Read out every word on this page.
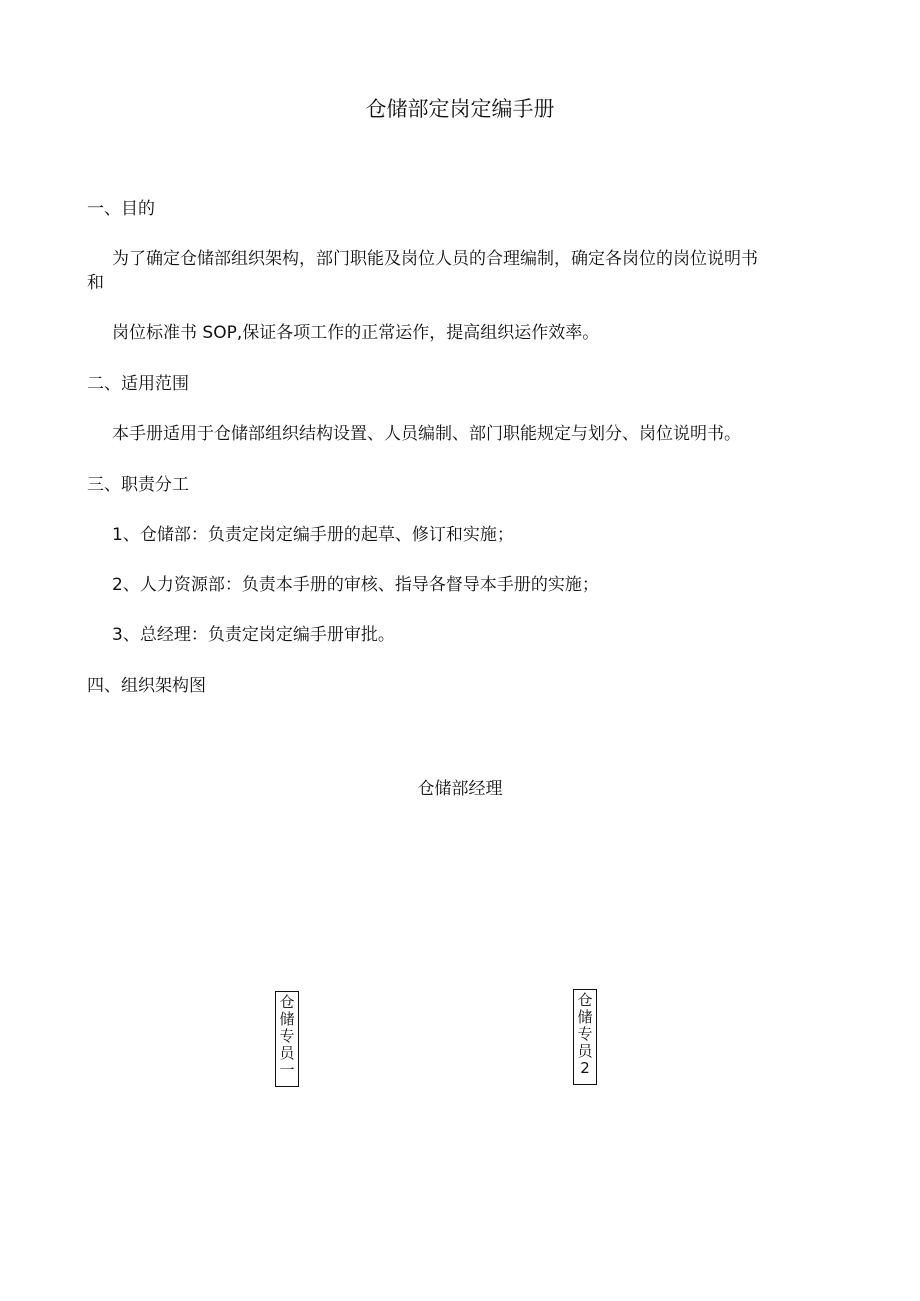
仓储部定岗定编手册
一、目的
为了确定仓储部组织架构，部门职能及岗位人员的合理编制，确定各岗位的岗位说明书
和
岗位标准书 SOP,保证各项工作的正常运作，提高组织运作效率。
二、适用范围
本手册适用于仓储部组织结构设置、人员编制、部门职能规定与划分、岗位说明书。
三、职责分工
1、仓储部：负责定岗定编手册的起草、修订和实施；
2、人力资源部：负责本手册的审核、指导各督导本手册的实施；
3、总经理：负责定岗定编手册审批。
四、组织架构图
仓储部经理
仓
储
专
员
一
仓
储
专
员
2
